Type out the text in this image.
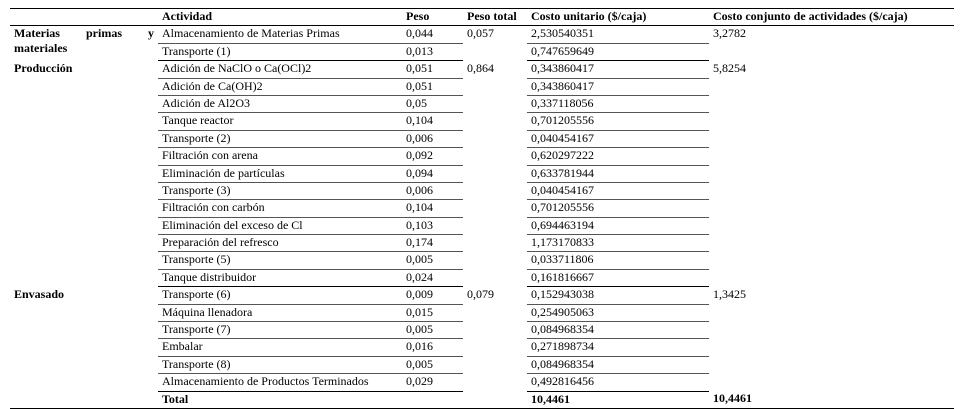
	Actividad	Peso	Peso total	Costo unitario ($/caja)	Costo conjunto de actividades ($/caja)
Materias primas y materiales	Almacenamiento de Materias Primas	0,044	0,057	2,530540351	3,2782
	Transporte (1)	0,013		0,747659649	
Producción	Adición de NaClO o Ca(OCl)2	0,051	0,864	0,343860417	5,8254
	Adición de Ca(OH)2	0,051		0,343860417	
	Adición de Al2O3	0,05		0,337118056	
	Tanque reactor	0,104		0,701205556	
	Transporte (2)	0,006		0,040454167	
	Filtración con arena	0,092		0,620297222	
	Eliminación de partículas	0,094		0,633781944	
	Transporte (3)	0,006		0,040454167	
	Filtración con carbón	0,104		0,701205556	
	Eliminación del exceso de Cl	0,103		0,694463194	
	Preparación del refresco	0,174		1,173170833	
	Transporte (5)	0,005		0,033711806	
	Tanque distribuidor	0,024		0,161816667	
Envasado	Transporte (6)	0,009	0,079	0,152943038	1,3425
	Máquina llenadora	0,015		0,254905063	
	Transporte (7)	0,005		0,084968354	
	Embalar	0,016		0,271898734	
	Transporte (8)	0,005		0,084968354	
	Almacenamiento de Productos Terminados	0,029		0,492816456	
	Total			10,4461	10,4461
